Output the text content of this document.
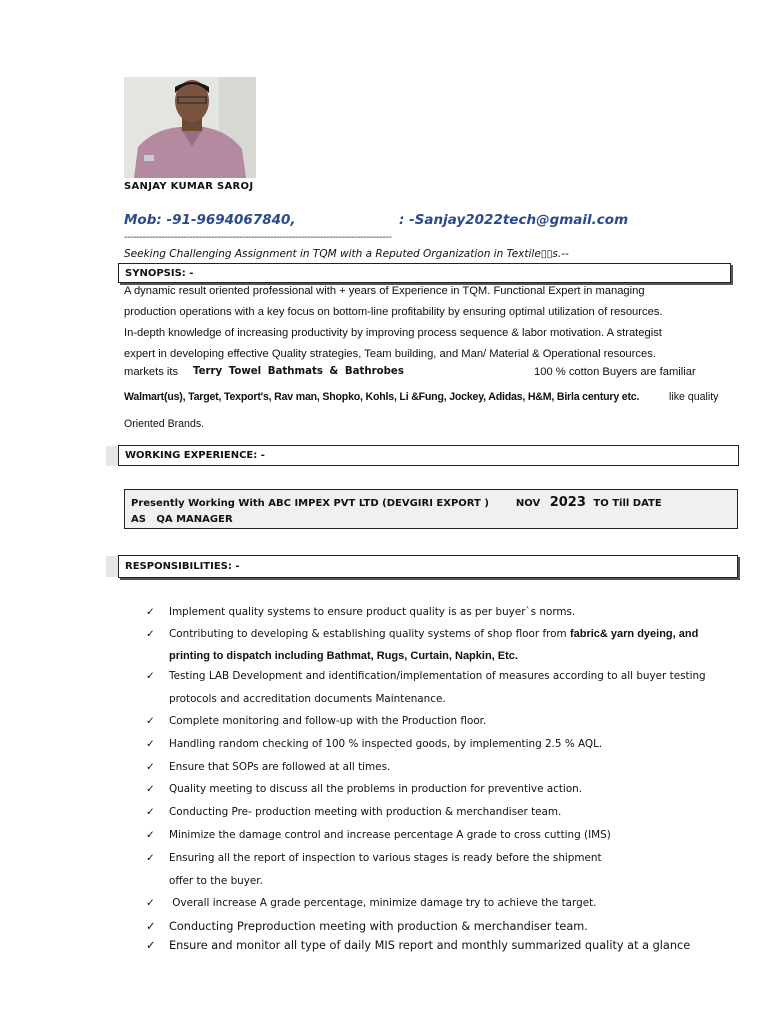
SANJAY KUMAR SAROJ
Mob: -91-9694067840,	: -Sanjay2022tech@gmail.com
--------------------------------------------------------------------------------------
Seeking Challenging Assignment in TQM with a Reputed Organization in Textile▯▯s.--
SYNOPSIS: -
A dynamic result oriented professional with + years of Experience in TQM. Functional Expert in managing
production operations with a key focus on bottom-line profitability by ensuring optimal utilization of resources.
In-depth knowledge of increasing productivity by improving process sequence & labor motivation. A strategist
expert in developing effective Quality strategies, Team building, and Man/ Material & Operational resources.
markets its Terry Towel Bathmats & Bathrobes	100 % cotton Buyers are familiar
Walmart(us), Target, Texport's, Rav man, Shopko, Kohls, Li &Fung, Jockey, Adidas, H&M, Birla century etc.	like quality
Oriented Brands.
WORKING EXPERIENCE: -
Presently Working With ABC IMPEX PVT LTD (DEVGIRI EXPORT )	NOV 2023 TO Till DATE
AS   QA MANAGER
RESPONSIBILITIES: -
✓ Implement quality systems to ensure product quality is as per buyer`s norms.
✓ Contributing to developing & establishing quality systems of shop floor from fabric& yarn dyeing, and
printing to dispatch including Bathmat, Rugs, Curtain, Napkin, Etc.
✓ Testing LAB Development and identification/implementation of measures according to all buyer testing
protocols and accreditation documents Maintenance.
✓ Complete monitoring and follow-up with the Production floor.
✓ Handling random checking of 100 % inspected goods, by implementing 2.5 % AQL.
✓ Ensure that SOPs are followed at all times.
✓ Quality meeting to discuss all the problems in production for preventive action.
✓ Conducting Pre- production meeting with production & merchandiser team.
✓ Minimize the damage control and increase percentage A grade to cross cutting (IMS)
✓ Ensuring all the report of inspection to various stages is ready before the shipment
offer to the buyer.
✓ Overall increase A grade percentage, minimize damage try to achieve the target.
✓ Conducting Preproduction meeting with production & merchandiser team.
✓ Ensure and monitor all type of daily MIS report and monthly summarized quality at a glance
